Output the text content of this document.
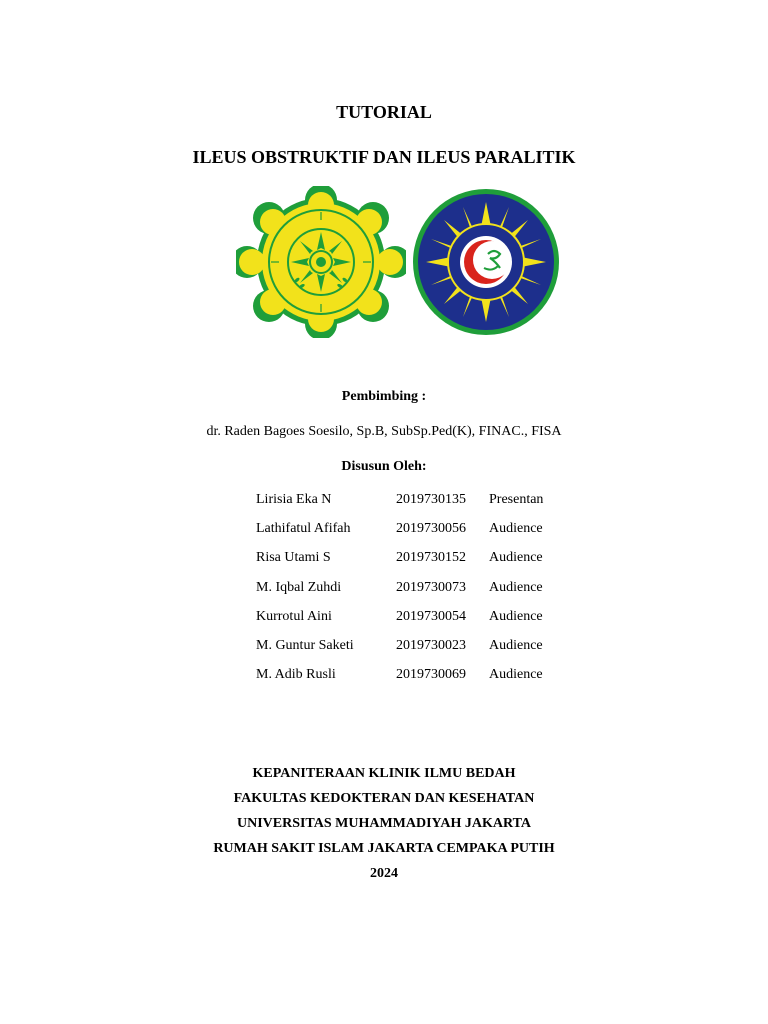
TUTORIAL
ILEUS OBSTRUKTIF DAN ILEUS PARALITIK
Pembimbing :
dr. Raden Bagoes Soesilo, Sp.B, SubSp.Ped(K), FINAC., FISA
Disusun Oleh:
Lirisia Eka N	2019730135 Presentan
Lathifatul Afifah	2019730056 Audience
Risa Utami S	2019730152 Audience
M. Iqbal Zuhdi	2019730073 Audience
Kurrotul Aini	2019730054 Audience
M. Guntur Saketi	2019730023 Audience
M. Adib Rusli	2019730069 Audience
KEPANITERAAN KLINIK ILMU BEDAH
FAKULTAS KEDOKTERAN DAN KESEHATAN
UNIVERSITAS MUHAMMADIYAH JAKARTA
RUMAH SAKIT ISLAM JAKARTA CEMPAKA PUTIH
2024
